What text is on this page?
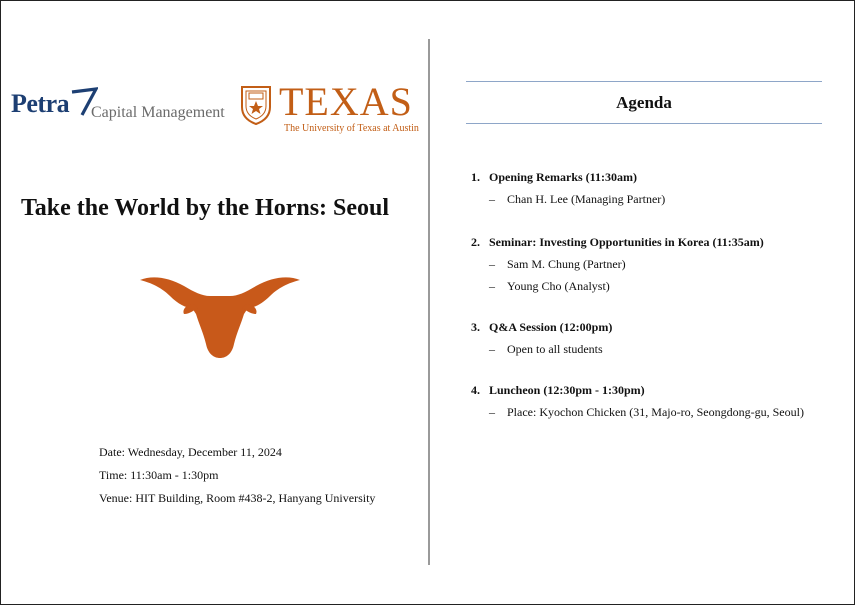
Petra Capital Management TEXAS
The University of Texas at Austin
Take the World by the Horns: Seoul
Date: Wednesday, December 11, 2024
Time: 11:30am - 1:30pm
Venue: HIT Building, Room #438-2, Hanyang University
Agenda
1. Opening Remarks (11:30am)
– Chan H. Lee (Managing Partner)
2. Seminar: Investing Opportunities in Korea (11:35am)
– Sam M. Chung (Partner)
– Young Cho (Analyst)
3. Q&A Session (12:00pm)
– Open to all students
4. Luncheon (12:30pm - 1:30pm)
– Place: Kyochon Chicken (31, Majo-ro, Seongdong-gu, Seoul)
